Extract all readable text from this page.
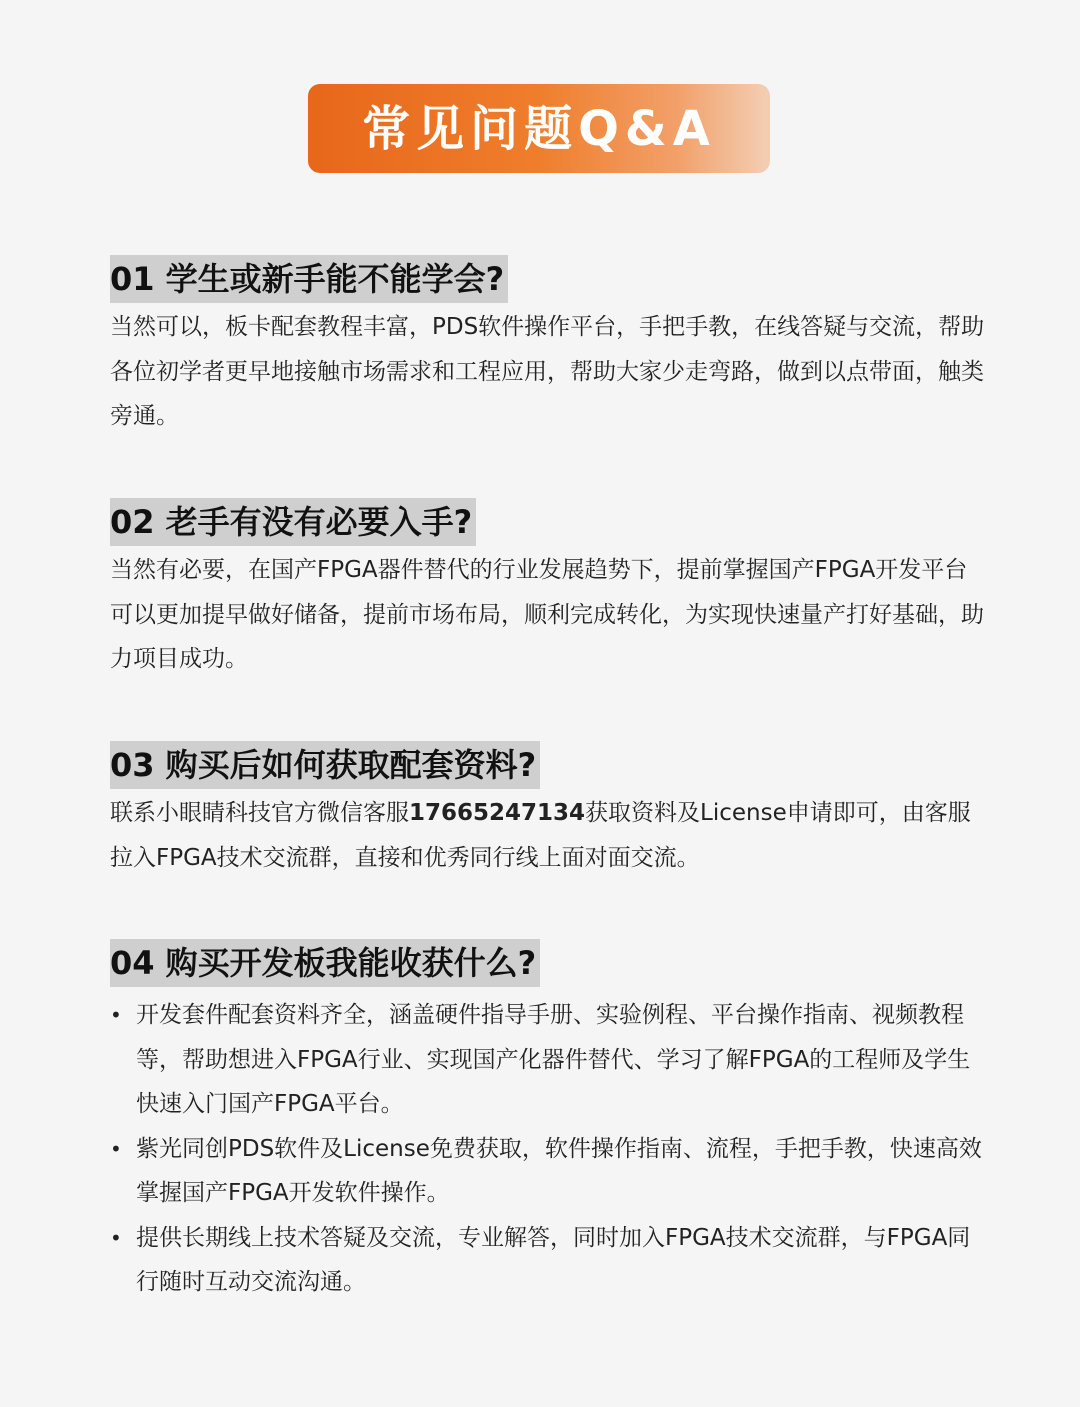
常见问题Q&A
01 学生或新手能不能学会?
当然可以，板卡配套教程丰富，PDS软件操作平台，手把手教，在线答疑与交流，帮助各位初学者更早地接触市场需求和工程应用，帮助大家少走弯路，做到以点带面，触类旁通。
02 老手有没有必要入手?
当然有必要，在国产FPGA器件替代的行业发展趋势下，提前掌握国产FPGA开发平台可以更加提早做好储备，提前市场布局，顺利完成转化，为实现快速量产打好基础，助力项目成功。
03 购买后如何获取配套资料?
联系小眼睛科技官方微信客服17665247134获取资料及License申请即可，由客服拉入FPGA技术交流群，直接和优秀同行线上面对面交流。
04 购买开发板我能收获什么?
• 开发套件配套资料齐全，涵盖硬件指导手册、实验例程、平台操作指南、视频教程等，帮助想进入FPGA行业、实现国产化器件替代、学习了解FPGA的工程师及学生快速入门国产FPGA平台。
• 紫光同创PDS软件及License免费获取，软件操作指南、流程，手把手教，快速高效掌握国产FPGA开发软件操作。
• 提供长期线上技术答疑及交流，专业解答，同时加入FPGA技术交流群，与FPGA同行随时互动交流沟通。
